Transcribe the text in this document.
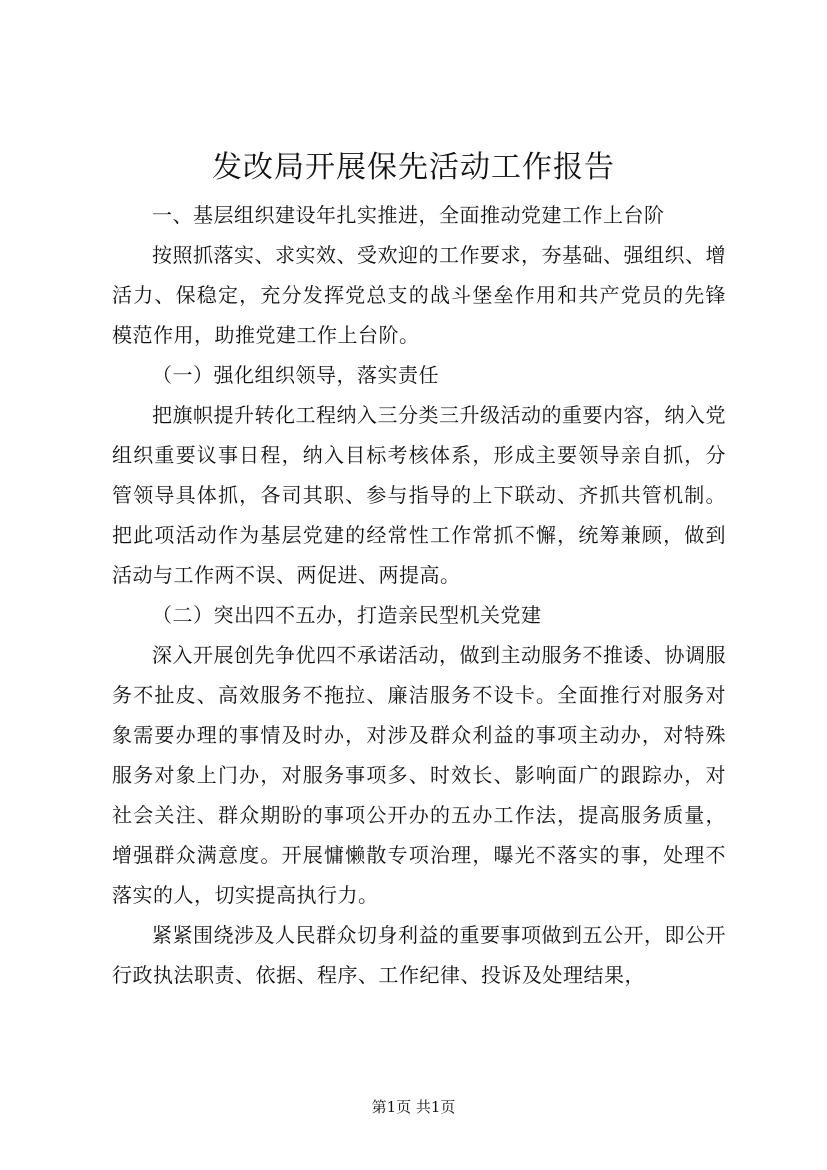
发改局开展保先活动工作报告

一、基层组织建设年扎实推进，全面推动党建工作上台阶

按照抓落实、求实效、受欢迎的工作要求，夯基础、强组织、增活力、保稳定，充分发挥党总支的战斗堡垒作用和共产党员的先锋模范作用，助推党建工作上台阶。

（一）强化组织领导，落实责任

把旗帜提升转化工程纳入三分类三升级活动的重要内容，纳入党组织重要议事日程，纳入目标考核体系，形成主要领导亲自抓，分管领导具体抓，各司其职、参与指导的上下联动、齐抓共管机制。把此项活动作为基层党建的经常性工作常抓不懈，统筹兼顾，做到活动与工作两不误、两促进、两提高。

（二）突出四不五办，打造亲民型机关党建

深入开展创先争优四不承诺活动，做到主动服务不推诿、协调服务不扯皮、高效服务不拖拉、廉洁服务不设卡。全面推行对服务对象需要办理的事情及时办，对涉及群众利益的事项主动办，对特殊服务对象上门办，对服务事项多、时效长、影响面广的跟踪办，对社会关注、群众期盼的事项公开办的五办工作法，提高服务质量，增强群众满意度。开展慵懒散专项治理，曝光不落实的事，处理不落实的人，切实提高执行力。

紧紧围绕涉及人民群众切身利益的重要事项做到五公开，即公开行政执法职责、依据、程序、工作纪律、投诉及处理结果，

第1页 共1页
